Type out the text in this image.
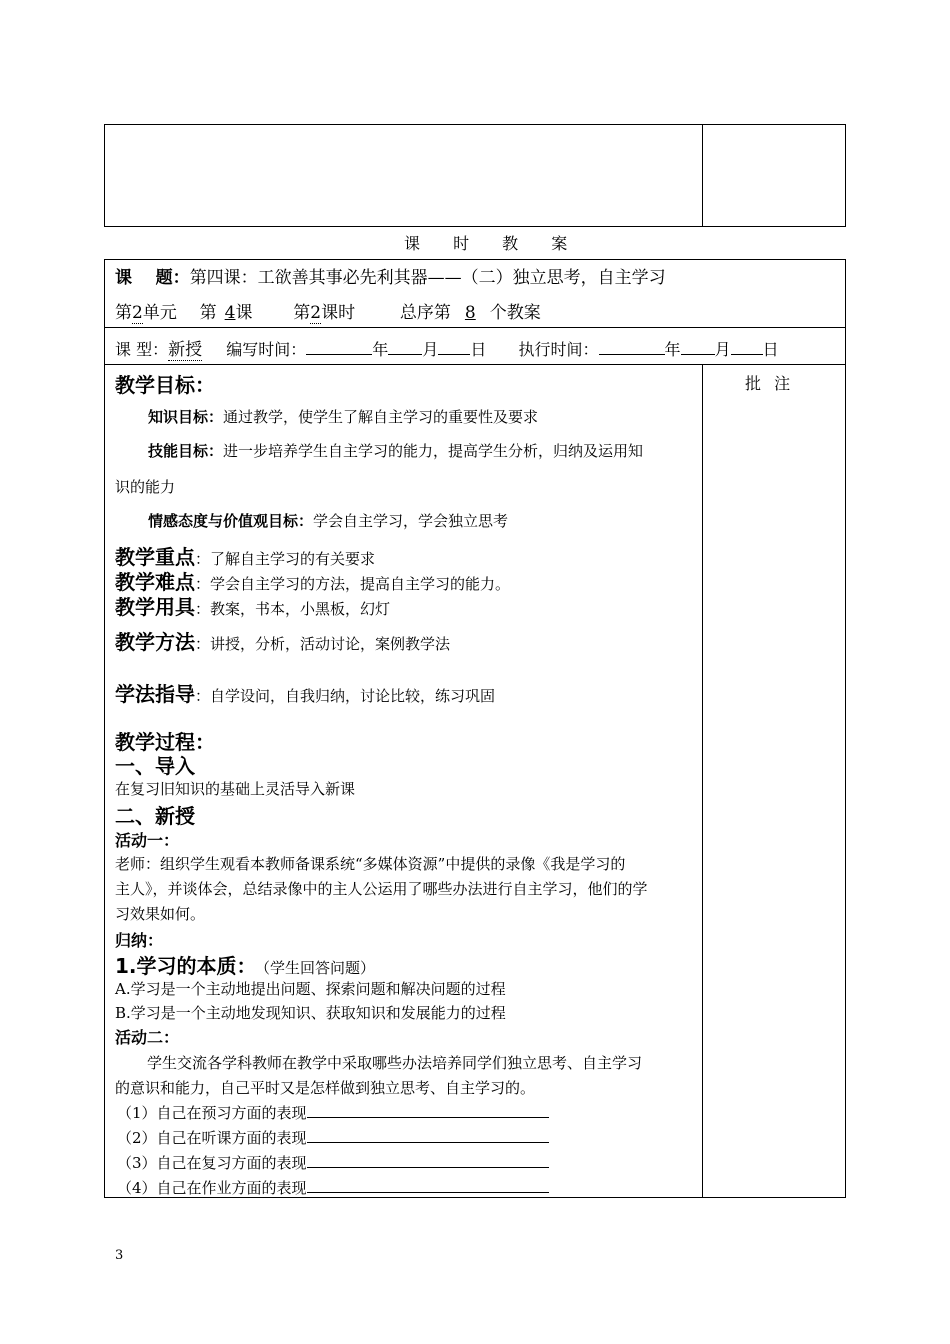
课 时 教 案
课    题：第四课：工欲善其事必先利其器——（二）独立思考，自主学习
第2单元 第 4课 第2课时	总序第 8 个教案
课 型：新授 编写时间：	年 月 日 执行时间：	年 月 日
批  注
教学目标：
知识目标：通过教学，使学生了解自主学习的重要性及要求
技能目标：进一步培养学生自主学习的能力，提高学生分析，归纳及运用知
识的能力
情感态度与价值观目标：学会自主学习，学会独立思考
教学重点：了解自主学习的有关要求
教学难点：学会自主学习的方法，提高自主学习的能力。
教学用具：教案，书本，小黑板，幻灯
教学方法：讲授，分析，活动讨论，案例教学法
学法指导：自学设问，自我归纳，讨论比较，练习巩固
教学过程：
一、导入
在复习旧知识的基础上灵活导入新课
二、新授
活动一：
老师：组织学生观看本教师备课系统“多媒体资源”中提供的录像《我是学习的
主人》，并谈体会，总结录像中的主人公运用了哪些办法进行自主学习，他们的学
习效果如何。
归纳：
1.学习的本质： （学生回答问题）
A.学习是一个主动地提出问题、探索问题和解决问题的过程
B.学习是一个主动地发现知识、获取知识和发展能力的过程
活动二：
学生交流各学科教师在教学中采取哪些办法培养同学们独立思考、自主学习
的意识和能力，自己平时又是怎样做到独立思考、自主学习的。
（1）自己在预习方面的表现
（2）自己在听课方面的表现
（3）自己在复习方面的表现
（4）自己在作业方面的表现
3
